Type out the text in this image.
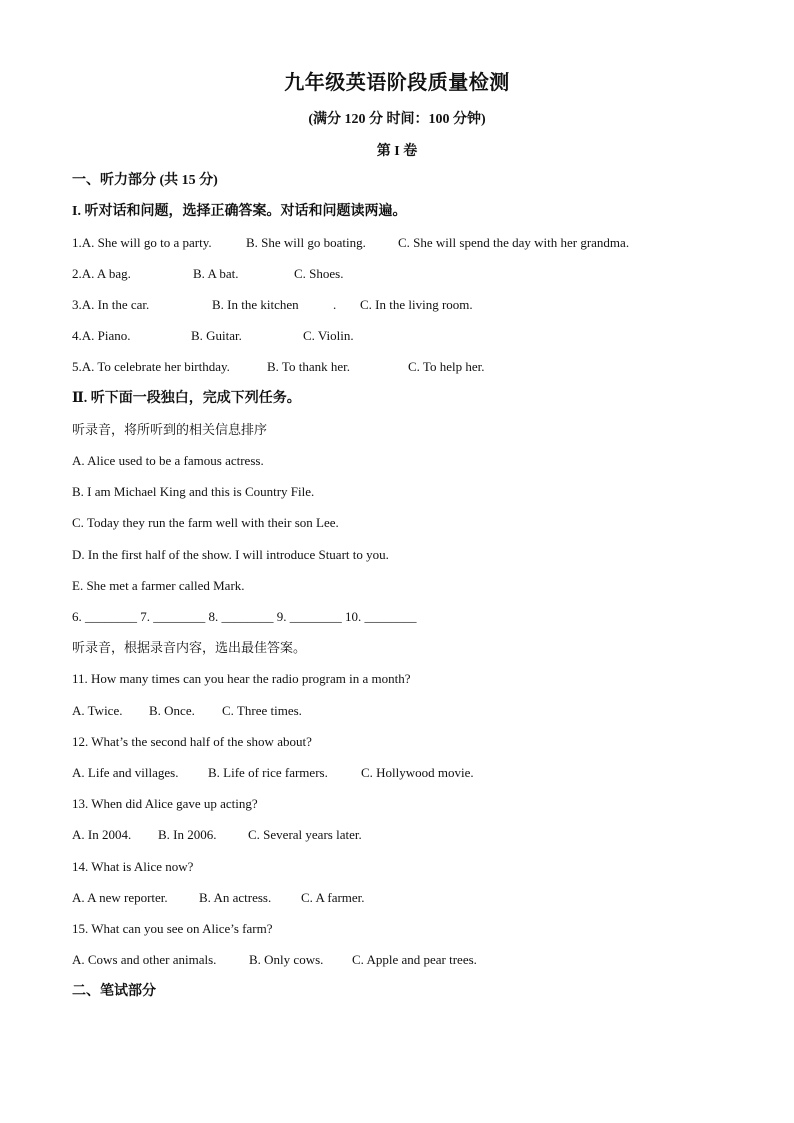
九年级英语阶段质量检测
(满分 120 分 时间：100 分钟)
第 I 卷
一、听力部分 (共 15 分)
I. 听对话和问题，选择正确答案。对话和问题读两遍。
1.A. She will go to a party.	B. She will go boating. C. She will spend the day with her grandma.
2.A. A bag.	B. A bat.	C. Shoes.
3.A. In the car.	B. In the kitchen	. C. In the living room.
4.A. Piano.	B. Guitar.	C. Violin.
5.A. To celebrate her birthday.	B. To thank her.	C. To help her.
Ⅱ. 听下面一段独白，完成下列任务。
听录音，将所听到的相关信息排序
A. Alice used to be a famous actress.
B. I am Michael King and this is Country File.
C. Today they run the farm well with their son Lee.
D. In the first half of the show. I will introduce Stuart to you.
E. She met a farmer called Mark.
6. ________ 7. ________ 8. ________ 9. ________ 10. ________
听录音，根据录音内容，选出最佳答案。
11. How many times can you hear the radio program in a month?
A. Twice. B. Once. C. Three times.
12. What’s the second half of the show about?
A. Life and villages. B. Life of rice farmers.	C. Hollywood movie.
13. When did Alice gave up acting?
A. In 2004. B. In 2006. C. Several years later.
14. What is Alice now?
A. A new reporter. B. An actress. C. A farmer.
15. What can you see on Alice’s farm?
A. Cows and other animals.	B. Only cows. C. Apple and pear trees.
二、笔试部分
